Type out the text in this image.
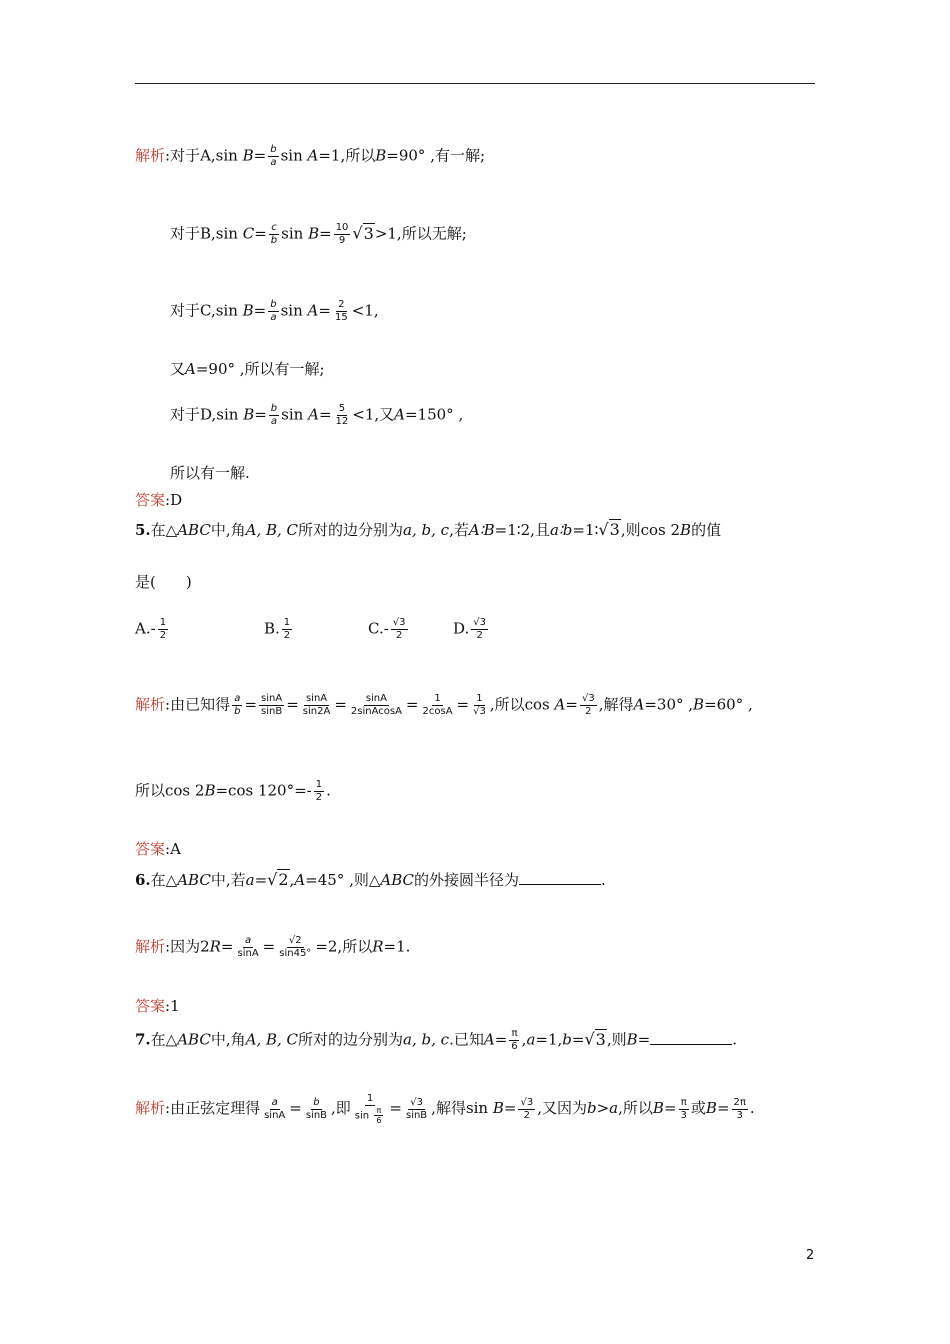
解析:对于A,sin $B= \frac{b}{a}$ sin A=1,所以B=90° ,有一解;
对于B,sin $C= \frac{c}{b}$ $\sin B= \frac{10}{9} √3>1$,所以无解;
对于C,sin $B= \frac{b}{a}$ $\sin A= \frac{2}{15} <1$,
又A=90° ,所以有一解;
对于D,sin $B= \frac{b}{a}$ $\sin A= \frac{5}{12} <1$,又A=150° ,
所以有一解.
答案:D
5.在△ABC中,角A, B, C所对的边分别为a, b, c,若A∶B=1∶2,且a∶b=1∶√3,则cos 2B的值
是(　　)
$A.- \frac{1}{2}$	B. $\frac{1}{2}$	$C.- \frac{√3}{2}$	D. $\frac{√3}{2}$
解析:由已知得 $\frac{a}{b} = \frac{\sin A}{\sin B} = \frac{\sin A}{\sin 2A} = \frac{\sin A}{\text{2sinAcosA}} = \frac{1}{2\cos A} = \frac{1}{√3}$ ,所以$\cos A= \frac{√3}{2}$ ,解得A=30° ,B=60° ,
所以cos 2B=cos $120^\circ=- \frac{1}{2}$ .
答案:A
6.在△ABC中,若a=√2,A=45° ,则△ABC的外接圆半径为	.
解析:因为$2R= \frac{a}{\sin A} = \frac{√2}{\sin 45^\circ} =2$,所以R=1.
答案:1
7.在△ABC中,角A, B, C所对的边分别为a, b, c.已知$A= \frac{\pi}{6} ,a=1,b=√3$,则B=	.
解析:由正弦定理得 $\frac{a}{\sin A} = \frac{b}{\sin B}$ ,即 $\frac{1}{\sin \frac{\pi}{6}} = \frac{√3}{\sin B}$ ,解得$\sin B= \frac{√3}{2}$ ,又因为b>a,所以$B= \frac{\pi}{3}$ 或$B= \frac{2\pi}{3}$ .
2
